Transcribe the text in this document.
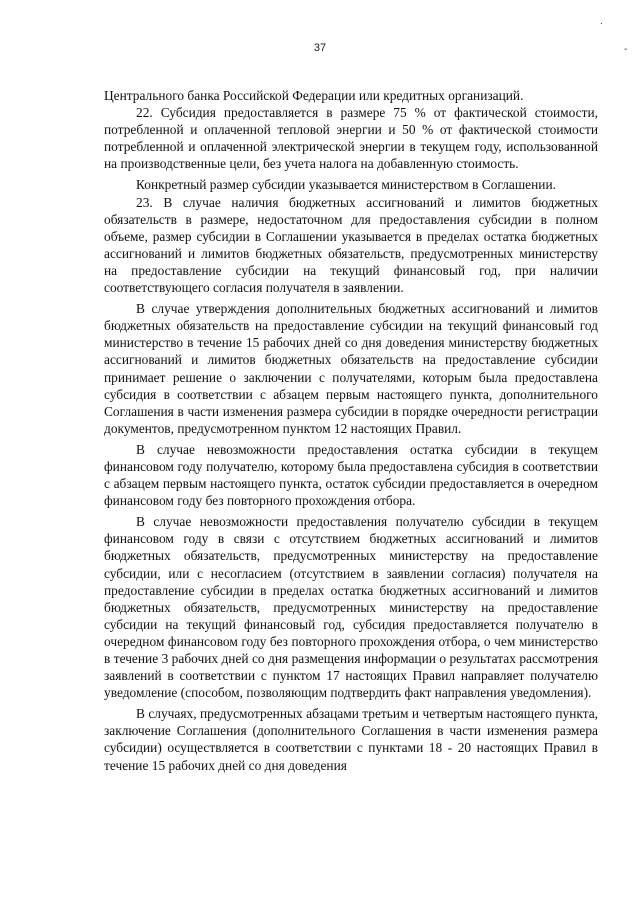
.
-
37

Центрального банка Российской Федерации или кредитных организаций.

22. Субсидия предоставляется в размере 75 % от фактической стоимости, потребленной и оплаченной тепловой энергии и 50 % от фактической стоимости потребленной и оплаченной электрической энергии в текущем году, использованной на производственные цели, без учета налога на добавленную стоимость.

Конкретный размер субсидии указывается министерством в Соглашении.

23. В случае наличия бюджетных ассигнований и лимитов бюджетных обязательств в размере, недостаточном для предоставления субсидии в полном объеме, размер субсидии в Соглашении указывается в пределах остатка бюджетных ассигнований и лимитов бюджетных обязательств, предусмотренных министерству на предоставление субсидии на текущий финансовый год, при наличии соответствующего согласия получателя в заявлении.

В случае утверждения дополнительных бюджетных ассигнований и лимитов бюджетных обязательств на предоставление субсидии на текущий финансовый год министерство в течение 15 рабочих дней со дня доведения министерству бюджетных ассигнований и лимитов бюджетных обязательств на предоставление субсидии принимает решение о заключении с получателями, которым была предоставлена субсидия в соответствии с абзацем первым настоящего пункта, дополнительного Соглашения в части изменения размера субсидии в порядке очередности регистрации документов, предусмотренном пунктом 12 настоящих Правил.

В случае невозможности предоставления остатка субсидии в текущем финансовом году получателю, которому была предоставлена субсидия в соответствии с абзацем первым настоящего пункта, остаток субсидии предоставляется в очередном финансовом году без повторного прохождения отбора.

В случае невозможности предоставления получателю субсидии в текущем финансовом году в связи с отсутствием бюджетных ассигнований и лимитов бюджетных обязательств, предусмотренных министерству на предоставление субсидии, или с несогласием (отсутствием в заявлении согласия) получателя на предоставление субсидии в пределах остатка бюджетных ассигнований и лимитов бюджетных обязательств, предусмотренных министерству на предоставление субсидии на текущий финансовый год, субсидия предоставляется получателю в очередном финансовом году без повторного прохождения отбора, о чем министерство в течение 3 рабочих дней со дня размещения информации о результатах рассмотрения заявлений в соответствии с пунктом 17 настоящих Правил направляет получателю уведомление (способом, позволяющим подтвердить факт направления уведомления).

В случаях, предусмотренных абзацами третьим и четвертым настоящего пункта, заключение Соглашения (дополнительного Соглашения в части изменения размера субсидии) осуществляется в соответствии с пунктами 18 - 20 настоящих Правил в течение 15 рабочих дней со дня доведения
